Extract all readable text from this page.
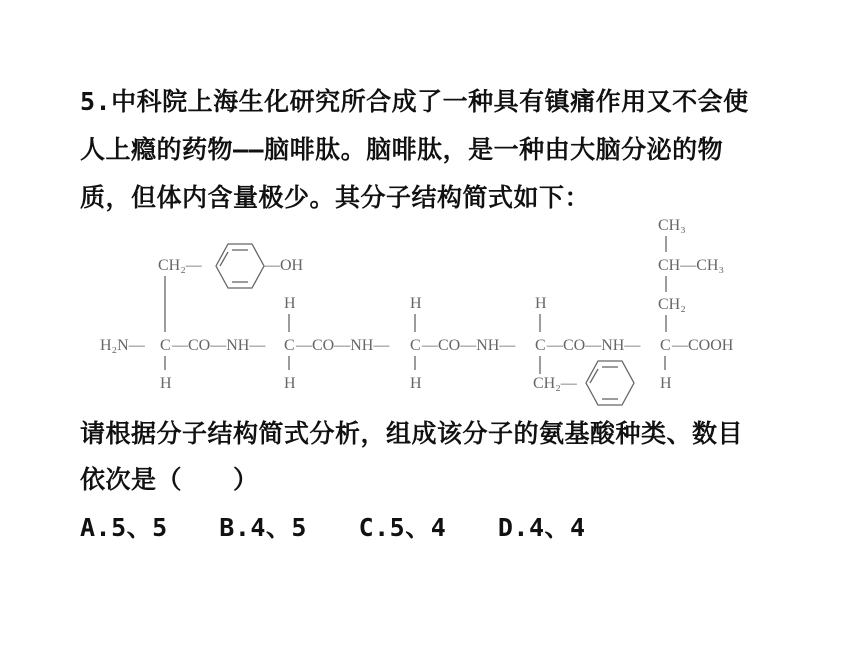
5.中科院上海生化研究所合成了一种具有镇痛作用又不会使
人上瘾的药物——脑啡肽。脑啡肽，是一种由大脑分泌的物
质，但体内含量极少。其分子结构简式如下：
H₂N— C —CO—NH— C —CO—NH— C —CO—NH— C —CO—NH— C —COOH
CH₂—	—OH
H
H
H
H
H
H
CH₂—
CH₃
CH—CH₃
CH₂
H
请根据分子结构简式分析，组成该分子的氨基酸种类、数目
依次是（　　）
A.5、5 B.4、5 C.5、4 D.4、4
